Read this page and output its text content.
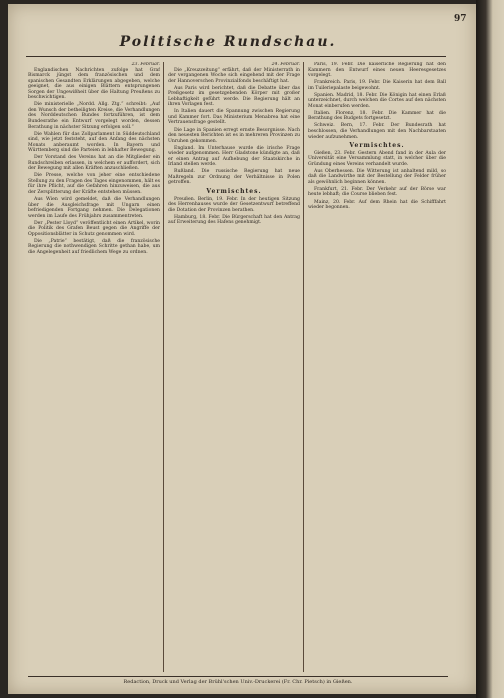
97
Politische Rundschau.
23. Februar.

Englandischen Nachrichten zufolge hat Graf Bismarck jüngst dem französischen und dem spanischen Gesandten Erklärungen abgegeben, welche geeignet, die aus einigen Blättern entsprungenen Sorgen der Ungewißheit über die Haltung Preußens zu beschwichtigen.

Die ministerielle „Nordd. Allg. Ztg.“ schreibt: „Auf den Wunsch der betheiligten Kreise, die Verhandlungen des Norddeutschen Bundes fortzuführen, ist dem Bundesrathe ein Entwurf vorgelegt worden, dessen Berathung in nächster Sitzung erfolgen soll.“

Die Wahlen für das Zollparlament in Süddeutschland sind, wie jetzt feststeht, auf den Anfang des nächsten Monats anberaumt worden. In Bayern und Württemberg sind die Parteien in lebhafter Bewegung.

Der Vorstand des Vereins hat an die Mitglieder ein Rundschreiben erlassen, in welchem er auffordert, sich der Bewegung mit allen Kräften anzuschließen.

Die Presse, welche von jeher eine entschiedene Stellung zu den Fragen des Tages eingenommen, hält es für ihre Pflicht, auf die Gefahren hinzuweisen, die aus der Zersplitterung der Kräfte entstehen müssen.

Aus Wien wird gemeldet, daß die Verhandlungen über die Ausgleichsfrage mit Ungarn einen befriedigenden Fortgang nehmen. Die Delegationen werden im Laufe des Frühjahrs zusammentreten.

Der „Pester Lloyd“ veröffentlicht einen Artikel, worin die Politik des Grafen Beust gegen die Angriffe der Oppositionsblätter in Schutz genommen wird.

Die „Patrie“ bestätigt, daß die französische Regierung die nothwendigen Schritte gethan habe, um die Angelegenheit auf friedlichem Wege zu ordnen.

24. Februar.

Die „Kreuzzeitung“ erfährt, daß der Ministerrath in der vergangenen Woche sich eingehend mit der Frage der Hannoverschen Provinzialfonds beschäftigt hat.

Aus Paris wird berichtet, daß die Debatte über das Preßgesetz im gesetzgebenden Körper mit großer Lebhaftigkeit geführt werde. Die Regierung hält an ihren Vorlagen fest.

In Italien dauert die Spannung zwischen Regierung und Kammer fort. Das Ministerium Menabrea hat eine Vertrauensfrage gestellt.

Die Lage in Spanien erregt ernste Besorgnisse. Nach den neuesten Berichten ist es in mehreren Provinzen zu Unruhen gekommen.

England. Im Unterhause wurde die irische Frage wieder aufgenommen. Herr Gladstone kündigte an, daß er einen Antrag auf Aufhebung der Staatskirche in Irland stellen werde.

Rußland. Die russische Regierung hat neue Maßregeln zur Ordnung der Verhältnisse in Polen getroffen.

Vermischtes.

Preußen. Berlin, 19. Febr. In der heutigen Sitzung des Herrenhauses wurde der Gesetzentwurf betreffend die Dotation der Provinzen berathen.

Hamburg, 18. Febr. Die Bürgerschaft hat den Antrag auf Erweiterung des Hafens genehmigt.

Paris, 19. Febr. Die kaiserliche Regierung hat den Kammern den Entwurf eines neuen Heeresgesetzes vorgelegt.

Frankreich. Paris, 19. Febr. Die Kaiserin hat dem Ball im Tuileriepalaste beigewohnt.

Spanien. Madrid, 18. Febr. Die Königin hat einen Erlaß unterzeichnet, durch welchen die Cortes auf den nächsten Monat einberufen werden.

Italien. Florenz, 18. Febr. Die Kammer hat die Berathung des Budgets fortgesetzt.

Schweiz. Bern, 17. Febr. Der Bundesrath hat beschlossen, die Verhandlungen mit den Nachbarstaaten wieder aufzunehmen.

Vermischtes.

Gießen, 23. Febr. Gestern Abend fand in der Aula der Universität eine Versammlung statt, in welcher über die Gründung eines Vereins verhandelt wurde.

Aus Oberhessen. Die Witterung ist anhaltend mild, so daß die Landwirthe mit der Bestellung der Felder früher als gewöhnlich beginnen können.

Frankfurt, 21. Febr. Der Verkehr auf der Börse war heute lebhaft; die Course blieben fest.

Mainz, 20. Febr. Auf dem Rhein hat die Schifffahrt wieder begonnen.

Redaction, Druck und Verlag der Brühl'schen Univ.-Druckerei (Fr. Chr. Pietsch) in Gießen.
